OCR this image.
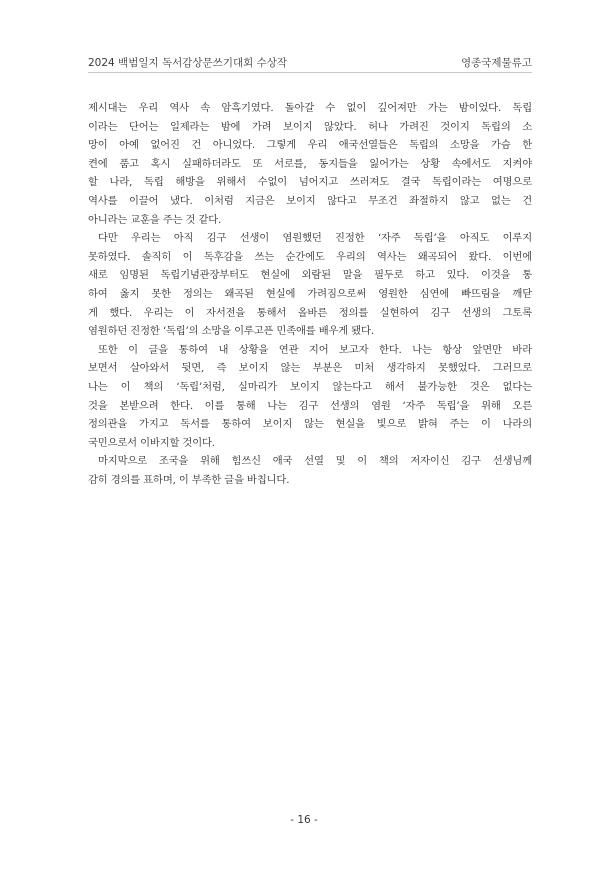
2024 백범일지 독서감상문쓰기대회 수상작	영종국제물류고
제시대는 우리 역사 속 암흑기였다. 돌아갈 수 없이 깊어져만 가는 밤이었다. 독립
이라는 단어는 일제라는 밤에 가려 보이지 않았다. 허나 가려진 것이지 독립의 소
망이 아예 없어진 건 아니었다. 그렇게 우리 애국선열들은 독립의 소망을 가슴 한
켠에 품고 혹시 실패하더라도 또 서로를, 동지들을 잃어가는 상황 속에서도 지켜야
할 나라, 독립 해방을 위해서 수없이 넘어지고 쓰러져도 결국 독립이라는 여명으로
역사를 이끌어 냈다. 이처럼 지금은 보이지 않다고 무조건 좌절하지 않고 없는 건
아니라는 교훈을 주는 것 같다.
다만 우리는 아직 김구 선생이 염원했던 진정한 ‘자주 독립’을 아직도 이루지
못하였다. 솔직히 이 독후감을 쓰는 순간에도 우리의 역사는 왜곡되어 왔다. 이번에
새로 임명된 독립기념관장부터도 현실에 외람된 말을 필두로 하고 있다. 이것을 통
하여 옳지 못한 정의는 왜곡된 현실에 가려짐으로써 영원한 심연에 빠뜨림을 깨닫
게 했다. 우리는 이 자서전을 통해서 올바른 정의를 실현하여 김구 선생의 그토록
염원하던 진정한 ‘독립’의 소망을 이루고픈 민족애를 배우게 됐다.
또한 이 글을 통하여 내 상황을 연관 지어 보고자 한다. 나는 항상 앞면만 바라
보면서 살아와서 뒷면, 즉 보이지 않는 부분은 미처 생각하지 못했었다. 그러므로
나는 이 책의 ‘독립’처럼, 실마리가 보이지 않는다고 해서 불가능한 것은 없다는
것을 본받으려 한다. 이를 통해 나는 김구 선생의 염원 ‘자주 독립’을 위해 오른
정의관을 가지고 독서를 통하여 보이지 않는 현실을 빛으로 밝혀 주는 이 나라의
국민으로서 이바지할 것이다.
마지막으로 조국을 위해 힘쓰신 애국 선열 및 이 책의 저자이신 김구 선생님께
감히 경의를 표하며, 이 부족한 글을 바칩니다.
- 16 -
